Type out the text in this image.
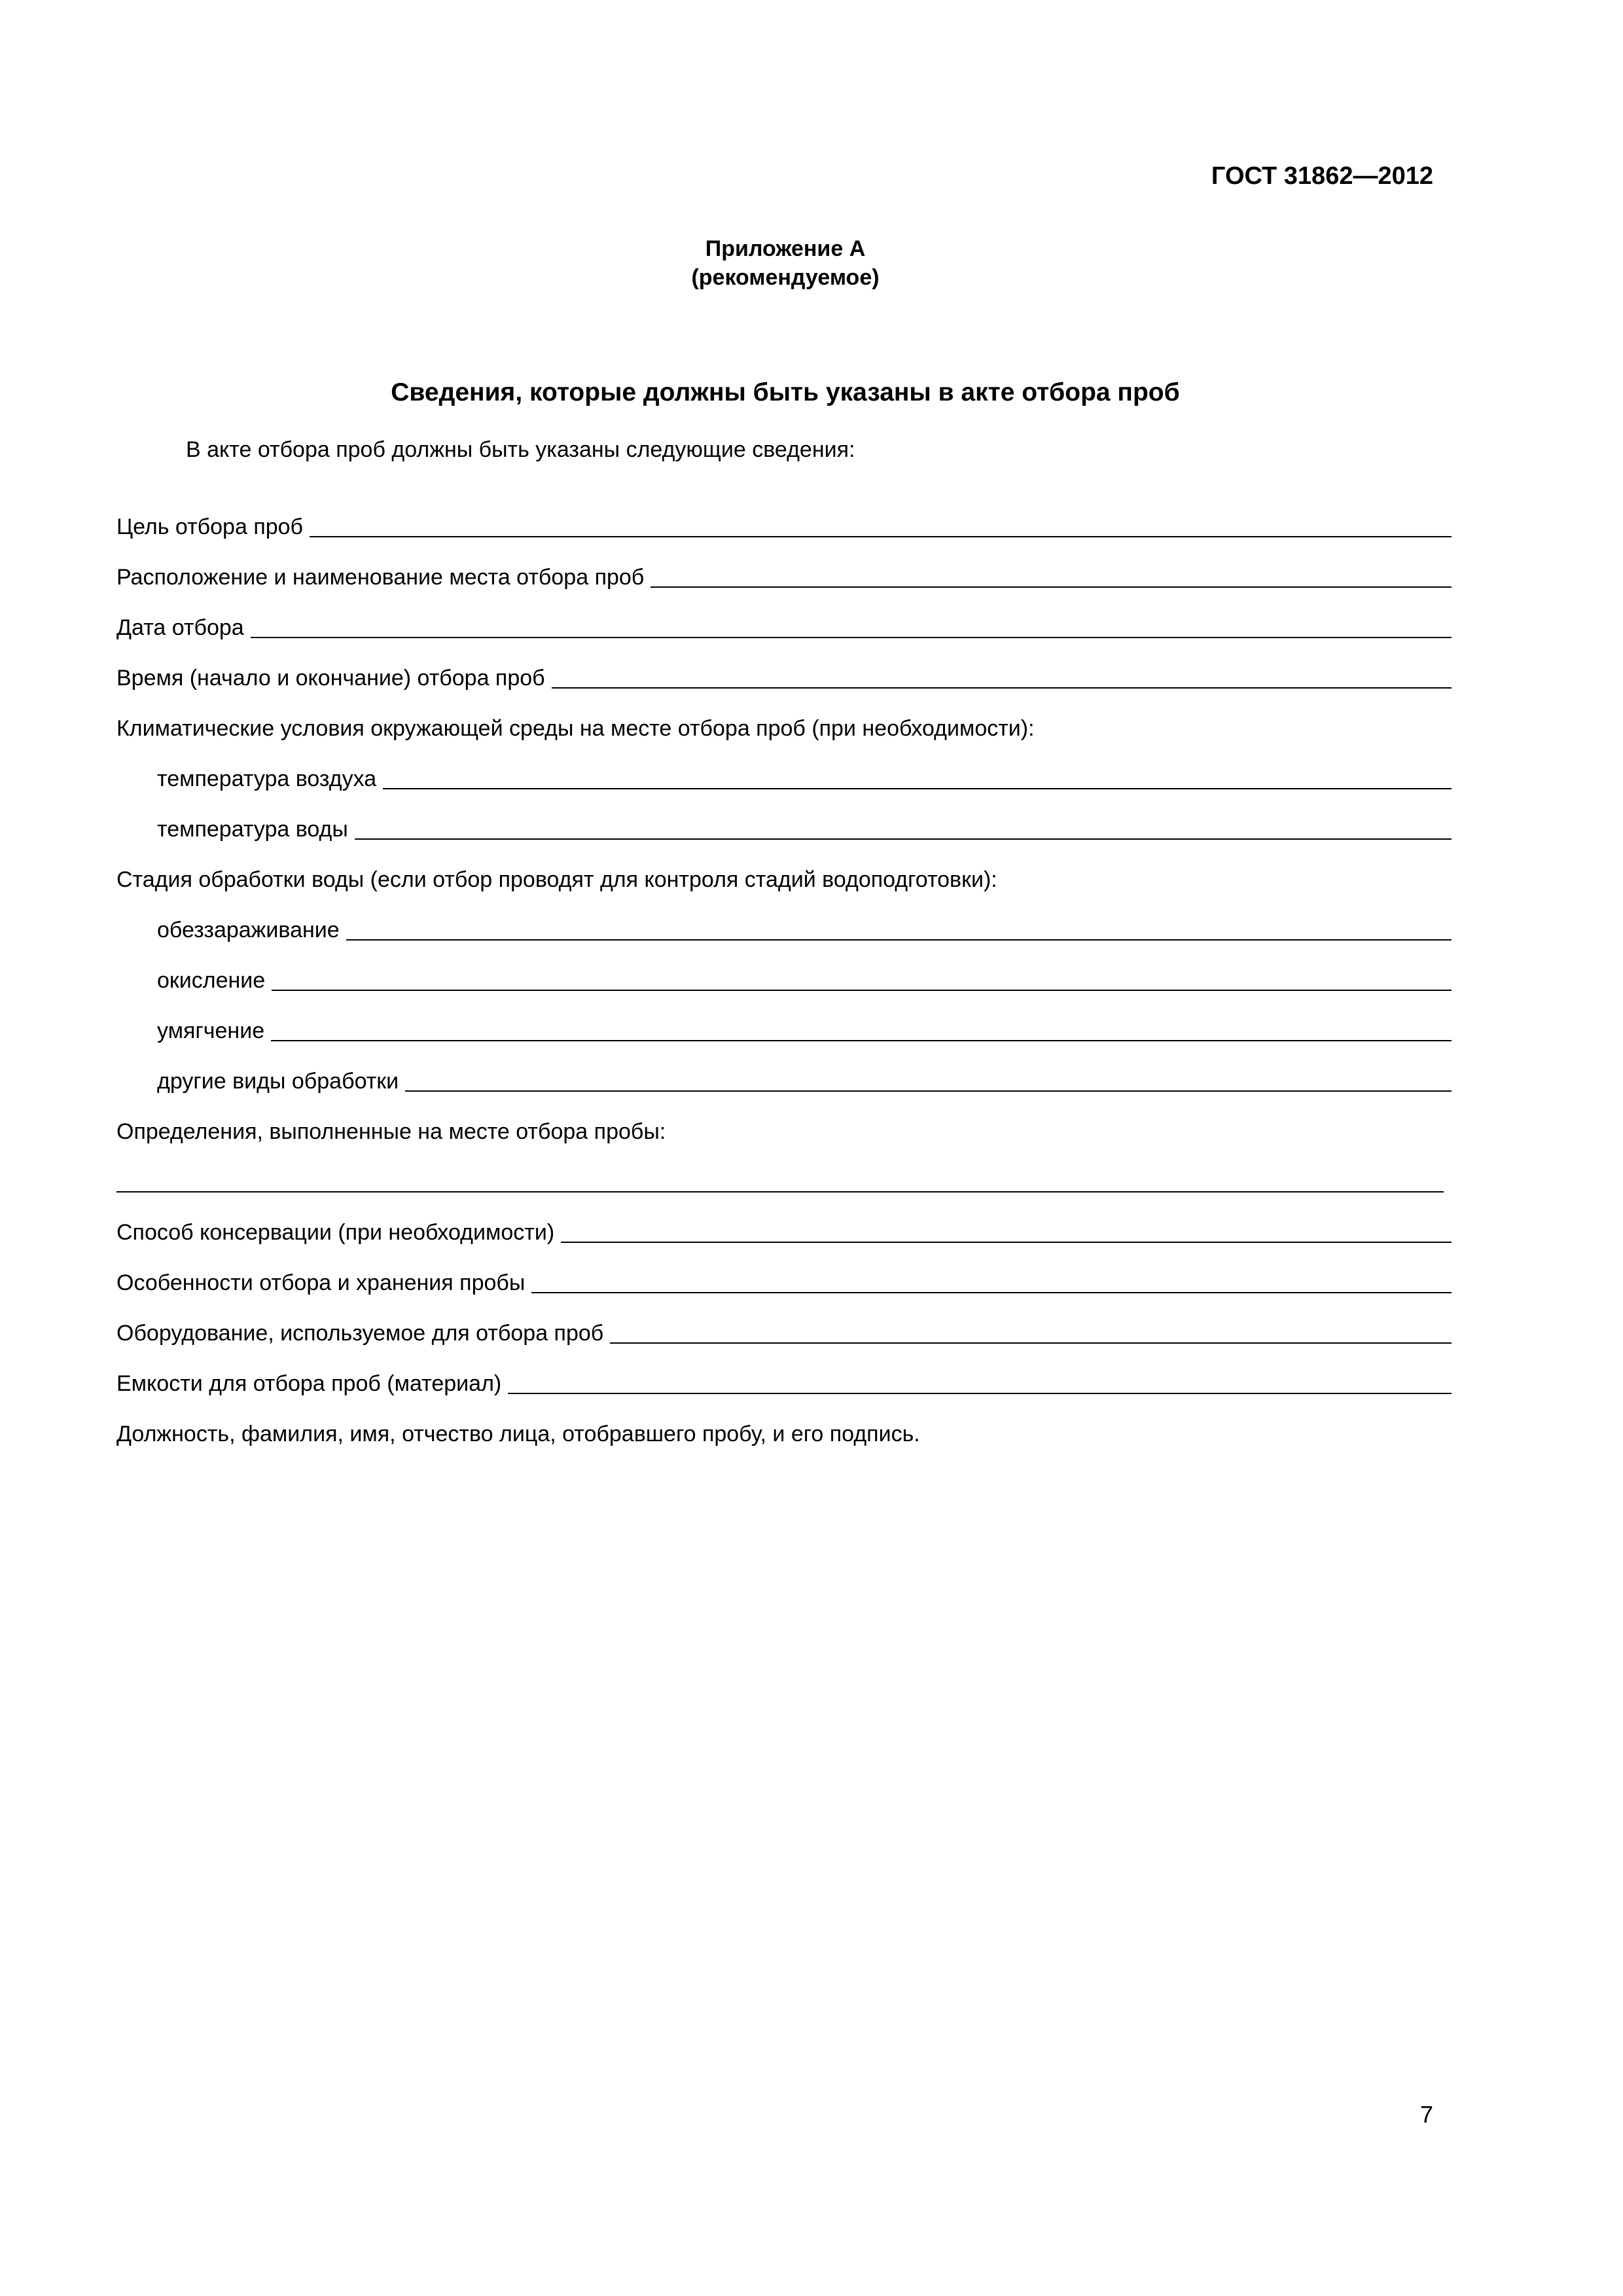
ГОСТ 31862—2012

Приложение А
(рекомендуемое)

Сведения, которые должны быть указаны в акте отбора проб

В акте отбора проб должны быть указаны следующие сведения:

Цель отбора проб
Расположение и наименование места отбора проб
Дата отбора
Время (начало и окончание) отбора проб
Климатические условия окружающей среды на месте отбора проб (при необходимости):
температура воздуха
температура воды
Стадия обработки воды (если отбор проводят для контроля стадий водоподготовки):
обеззараживание
окисление
умягчение
другие виды обработки
Определения, выполненные на месте отбора пробы:
Способ консервации (при необходимости)
Особенности отбора и хранения пробы
Оборудование, используемое для отбора проб
Емкости для отбора проб (материал)
Должность, фамилия, имя, отчество лица, отобравшего пробу, и его подпись.

7
